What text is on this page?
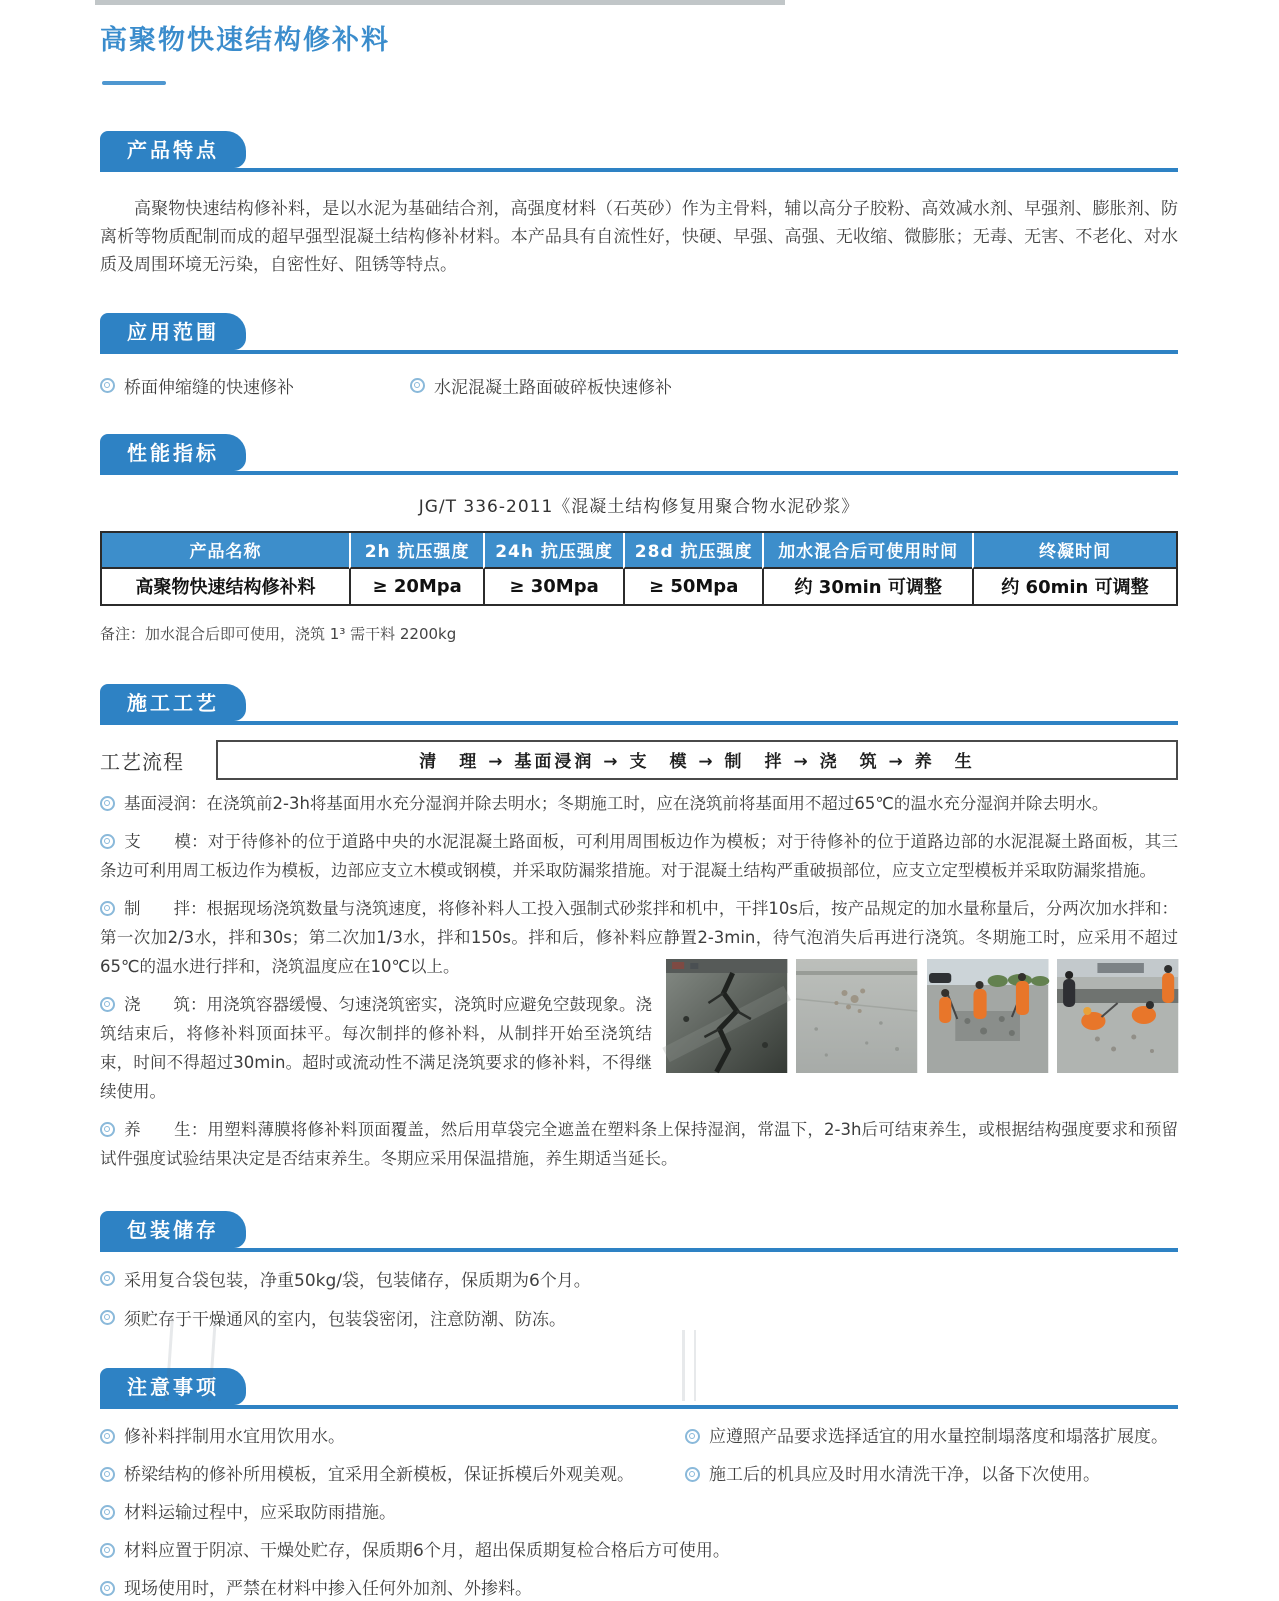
高聚物快速结构修补料
产品特点

高聚物快速结构修补料，是以水泥为基础结合剂，高强度材料（石英砂）作为主骨料，辅以高分子胶粉、高效减水剂、早强剂、膨胀剂、防离析等物质配制而成的超早强型混凝土结构修补材料。本产品具有自流性好，快硬、早强、高强、无收缩、微膨胀；无毒、无害、不老化、对水质及周围环境无污染，自密性好、阻锈等特点。

应用范围
桥面伸缩缝的快速修补	水泥混凝土路面破碎板快速修补
性能指标

JG/T 336-2011《混凝土结构修复用聚合物水泥砂浆》

产品名称	2h 抗压强度	24h 抗压强度	28d 抗压强度	加水混合后可使用时间	终凝时间
高聚物快速结构修补料	≥ 20Mpa	≥ 30Mpa	≥ 50Mpa	约 30min 可调整	约 60min 可调整

备注：加水混合后即可使用，浇筑 1³ 需干料 2200kg

施工工艺
工艺流程	清　理 → 基面浸润 → 支　模 → 制　拌 → 浇　筑 → 养　生

基面浸润：在浇筑前2-3h将基面用水充分湿润并除去明水；冬期施工时，应在浇筑前将基面用不超过65℃的温水充分湿润并除去明水。

支　　模：对于待修补的位于道路中央的水泥混凝土路面板，可利用周围板边作为模板；对于待修补的位于道路边部的水泥混凝土路面板，其三条边可利用周工板边作为模板，边部应支立木模或钢模，并采取防漏浆措施。对于混凝土结构严重破损部位，应支立定型模板并采取防漏浆措施。

制　　拌：根据现场浇筑数量与浇筑速度，将修补料人工投入强制式砂浆拌和机中，干拌10s后，按产品规定的加水量称量后，分两次加水拌和：第一次加2/3水，拌和30s；第二次加1/3水，拌和150s。拌和后，修补料应静置2-3min，待气泡消失后再进行浇筑。冬期施工时，应采用不超过65℃的温水进行拌和，浇筑温度应在10℃以上。

浇　　筑：用浇筑容器缓慢、匀速浇筑密实，浇筑时应避免空鼓现象。浇筑结束后，将修补料顶面抹平。每次制拌的修补料，从制拌开始至浇筑结束，时间不得超过30min。超时或流动性不满足浇筑要求的修补料，不得继续使用。

养　　生：用塑料薄膜将修补料顶面覆盖，然后用草袋完全遮盖在塑料条上保持湿润，常温下，2-3h后可结束养生，或根据结构强度要求和预留试件强度试验结果决定是否结束养生。冬期应采用保温措施，养生期适当延长。

包装储存
采用复合袋包装，净重50kg/袋，包装储存，保质期为6个月。
须贮存于干燥通风的室内，包装袋密闭，注意防潮、防冻。
注意事项
修补料拌制用水宜用饮用水。	应遵照产品要求选择适宜的用水量控制塌落度和塌落扩展度。
桥梁结构的修补所用模板，宜采用全新模板，保证拆模后外观美观。	施工后的机具应及时用水清洗干净，以备下次使用。
材料运输过程中，应采取防雨措施。
材料应置于阴凉、干燥处贮存，保质期6个月，超出保质期复检合格后方可使用。
现场使用时，严禁在材料中掺入任何外加剂、外掺料。
